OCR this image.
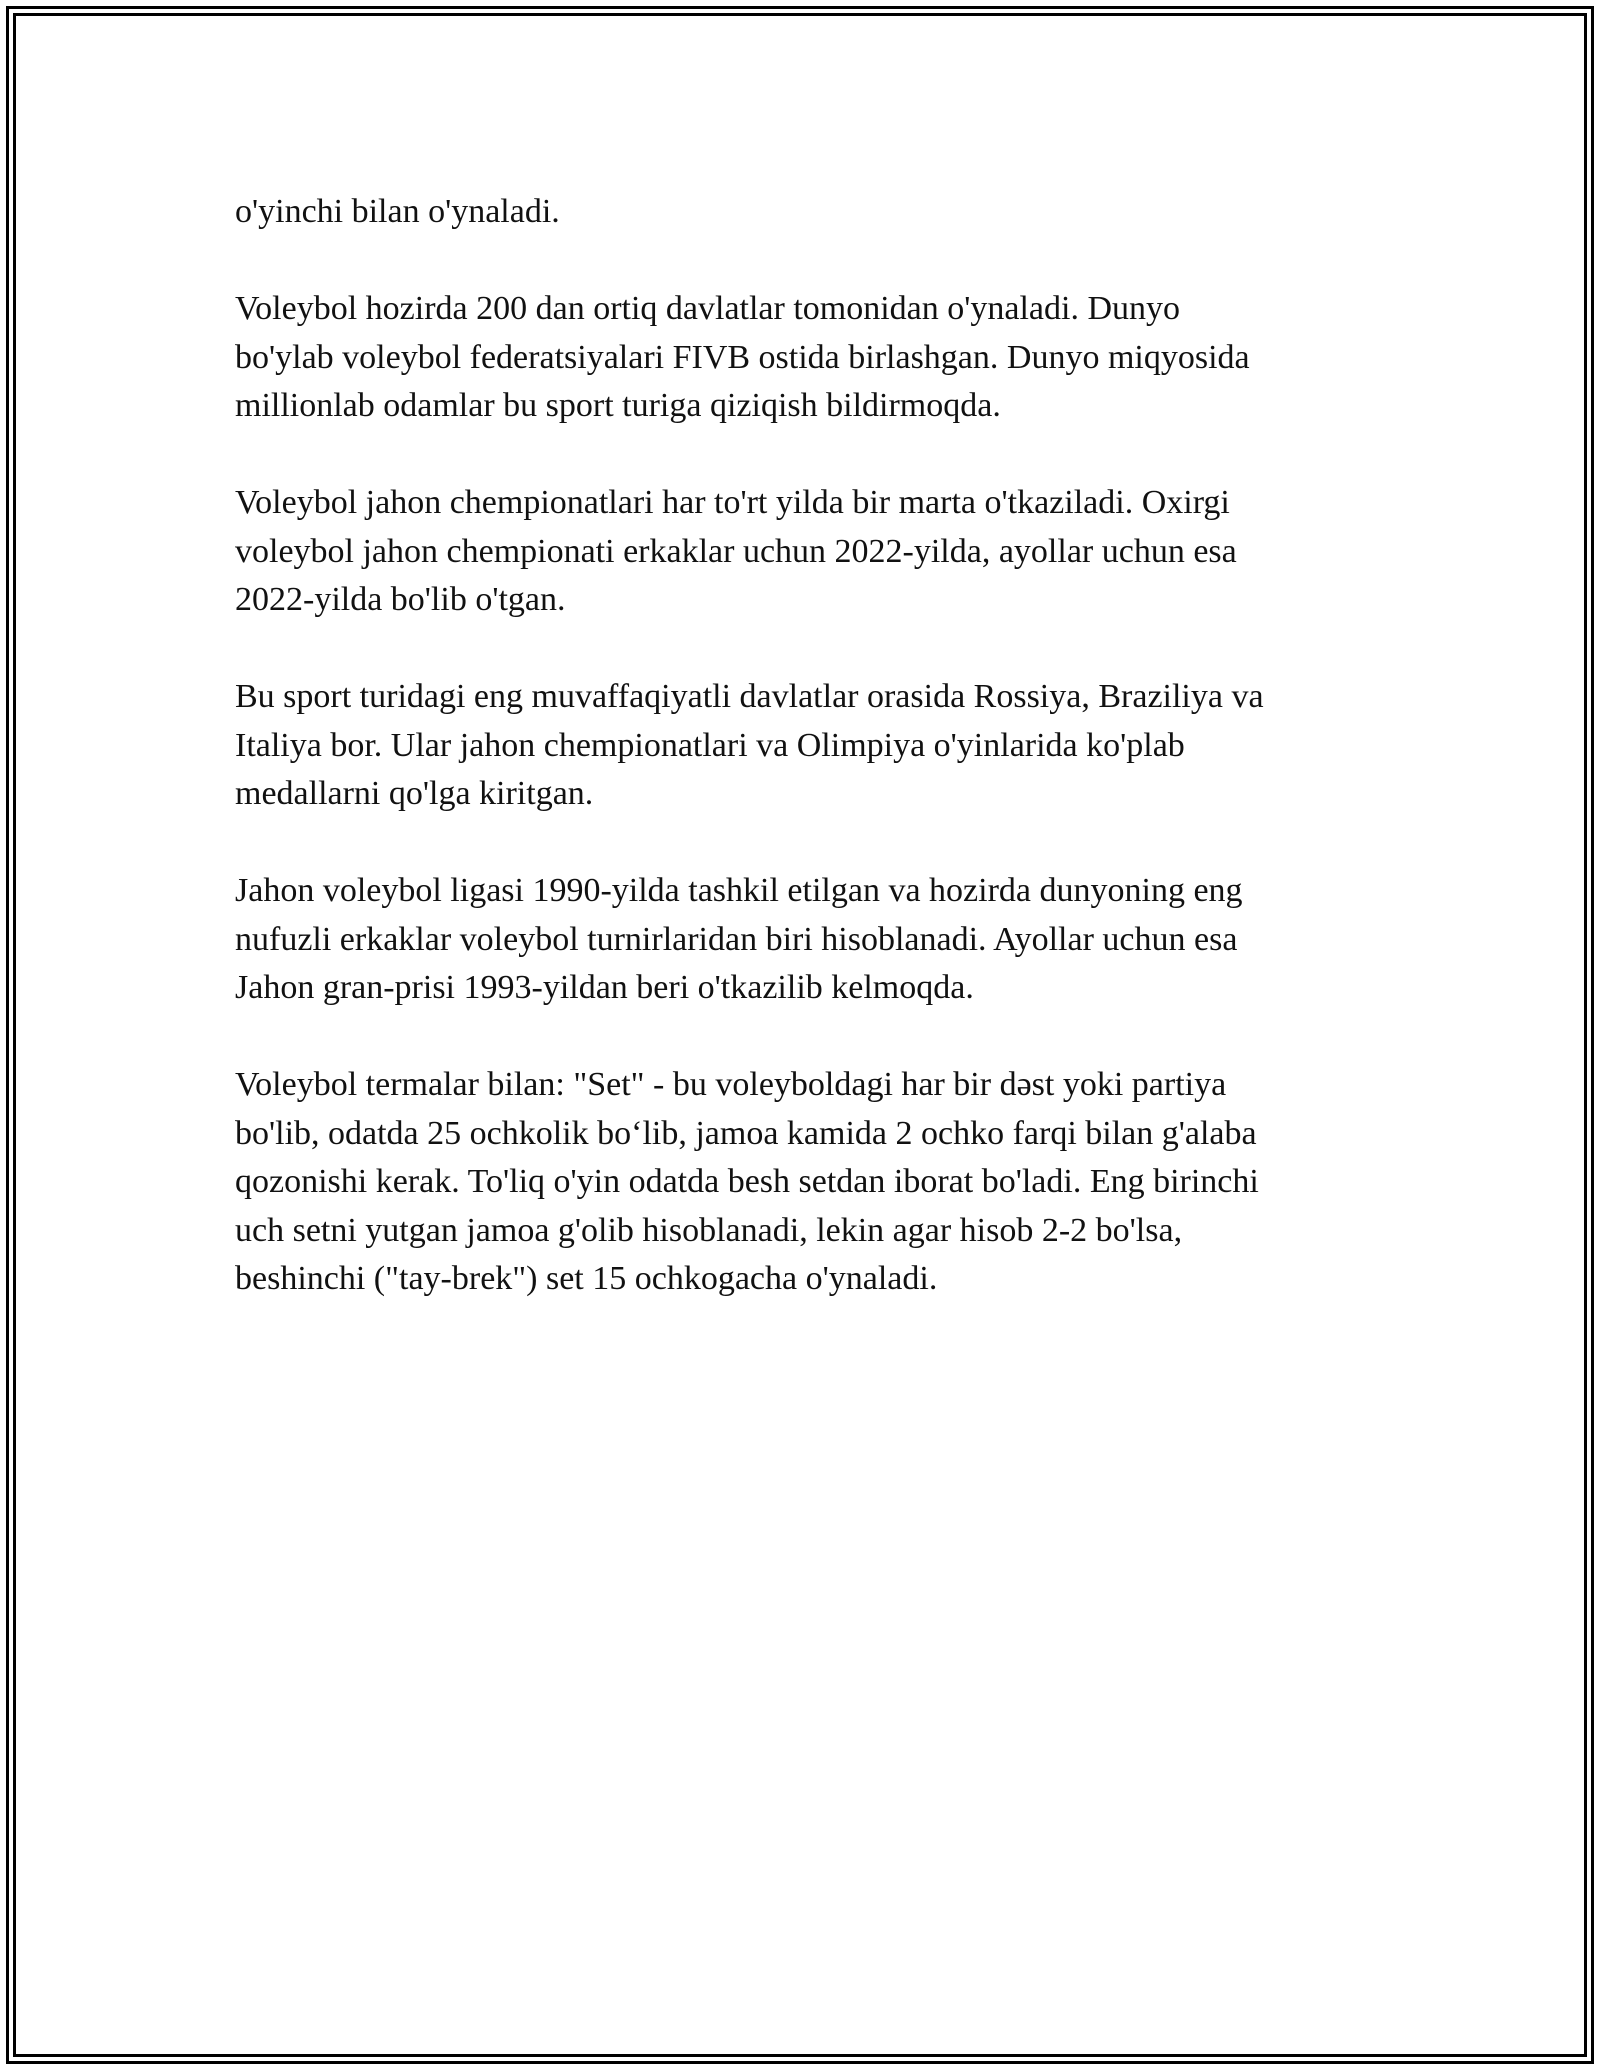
o'yinchi bilan o'ynaladi.

Voleybol hozirda 200 dan ortiq davlatlar tomonidan o'ynaladi. Dunyo
bo'ylab voleybol federatsiyalari FIVB ostida birlashgan. Dunyo miqyosida
millionlab odamlar bu sport turiga qiziqish bildirmoqda.

Voleybol jahon chempionatlari har to'rt yilda bir marta o'tkaziladi. Oxirgi
voleybol jahon chempionati erkaklar uchun 2022-yilda, ayollar uchun esa
2022-yilda bo'lib o'tgan.

Bu sport turidagi eng muvaffaqiyatli davlatlar orasida Rossiya, Braziliya va
Italiya bor. Ular jahon chempionatlari va Olimpiya o'yinlarida ko'plab
medallarni qo'lga kiritgan.

Jahon voleybol ligasi 1990-yilda tashkil etilgan va hozirda dunyoning eng
nufuzli erkaklar voleybol turnirlaridan biri hisoblanadi. Ayollar uchun esa
Jahon gran-prisi 1993-yildan beri o'tkazilib kelmoqda.

Voleybol termalar bilan: "Set" - bu voleyboldagi har bir dəst yoki partiya
bo'lib, odatda 25 ochkolik bo‘lib, jamoa kamida 2 ochko farqi bilan g'alaba
qozonishi kerak. To'liq o'yin odatda besh setdan iborat bo'ladi. Eng birinchi
uch setni yutgan jamoa g'olib hisoblanadi, lekin agar hisob 2-2 bo'lsa,
beshinchi ("tay-brek") set 15 ochkogacha o'ynaladi.
